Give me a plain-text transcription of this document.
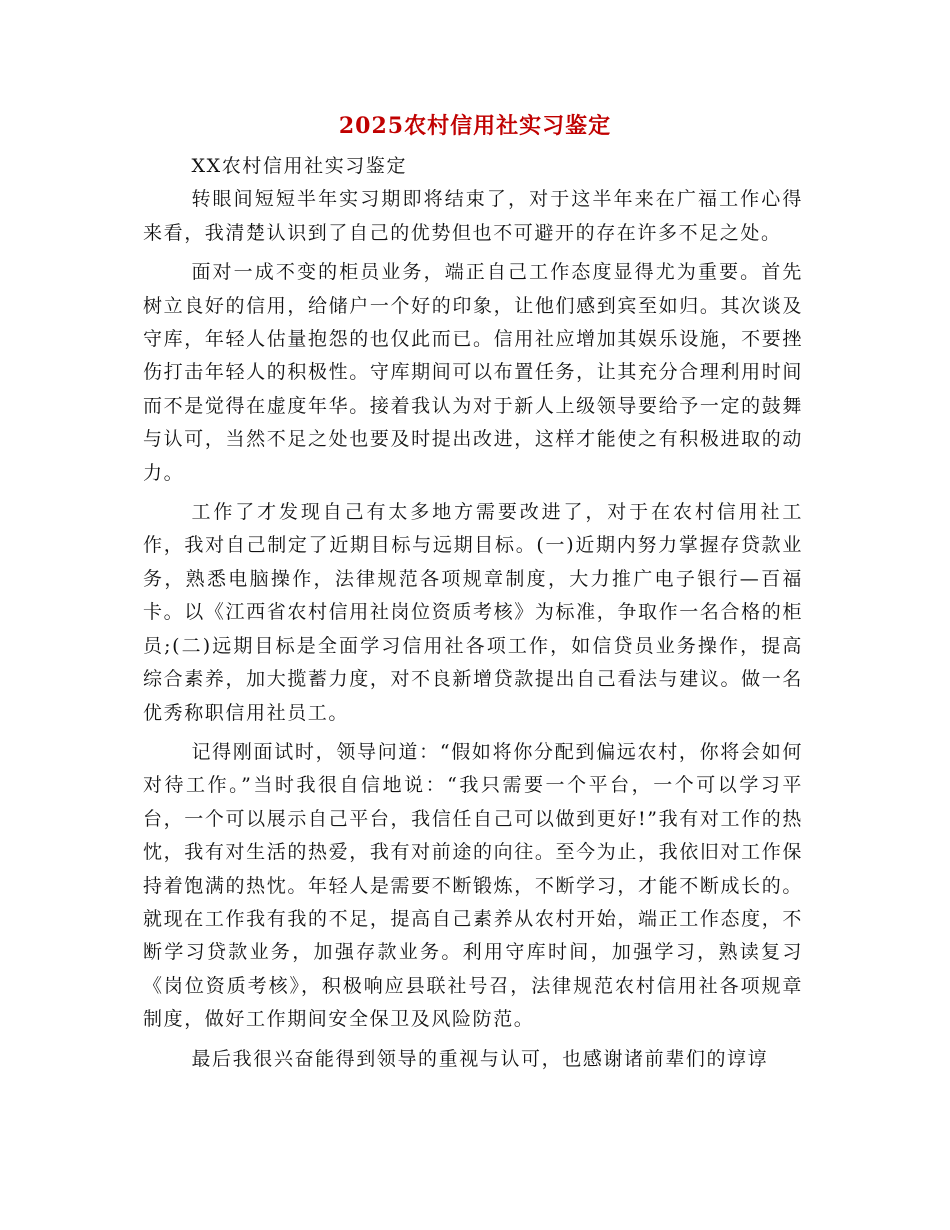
2025农村信用社实习鉴定

XX农村信用社实习鉴定

转眼间短短半年实习期即将结束了，对于这半年来在广福工作心得来看，我清楚认识到了自己的优势但也不可避开的存在许多不足之处。

面对一成不变的柜员业务，端正自己工作态度显得尤为重要。首先树立良好的信用，给储户一个好的印象，让他们感到宾至如归。其次谈及守库，年轻人估量抱怨的也仅此而已。信用社应增加其娱乐设施，不要挫伤打击年轻人的积极性。守库期间可以布置任务，让其充分合理利用时间而不是觉得在虚度年华。接着我认为对于新人上级领导要给予一定的鼓舞与认可，当然不足之处也要及时提出改进，这样才能使之有积极进取的动力。

工作了才发现自己有太多地方需要改进了，对于在农村信用社工作，我对自己制定了近期目标与远期目标。(一)近期内努力掌握存贷款业务，熟悉电脑操作，法律规范各项规章制度，大力推广电子银行—百福卡。以《江西省农村信用社岗位资质考核》为标准，争取作一名合格的柜员;(二)远期目标是全面学习信用社各项工作，如信贷员业务操作，提高综合素养，加大揽蓄力度，对不良新增贷款提出自己看法与建议。做一名优秀称职信用社员工。

记得刚面试时，领导问道：“假如将你分配到偏远农村，你将会如何对待工作。”当时我很自信地说：“我只需要一个平台，一个可以学习平台，一个可以展示自己平台，我信任自己可以做到更好!”我有对工作的热忱，我有对生活的热爱，我有对前途的向往。至今为止，我依旧对工作保持着饱满的热忱。年轻人是需要不断锻炼，不断学习，才能不断成长的。 就现在工作我有我的不足，提高自己素养从农村开始，端正工作态度，不断学习贷款业务，加强存款业务。利用守库时间，加强学习，熟读复习《岗位资质考核》，积极响应县联社号召，法律规范农村信用社各项规章制度，做好工作期间安全保卫及风险防范。

最后我很兴奋能得到领导的重视与认可，也感谢诸前辈们的谆谆
